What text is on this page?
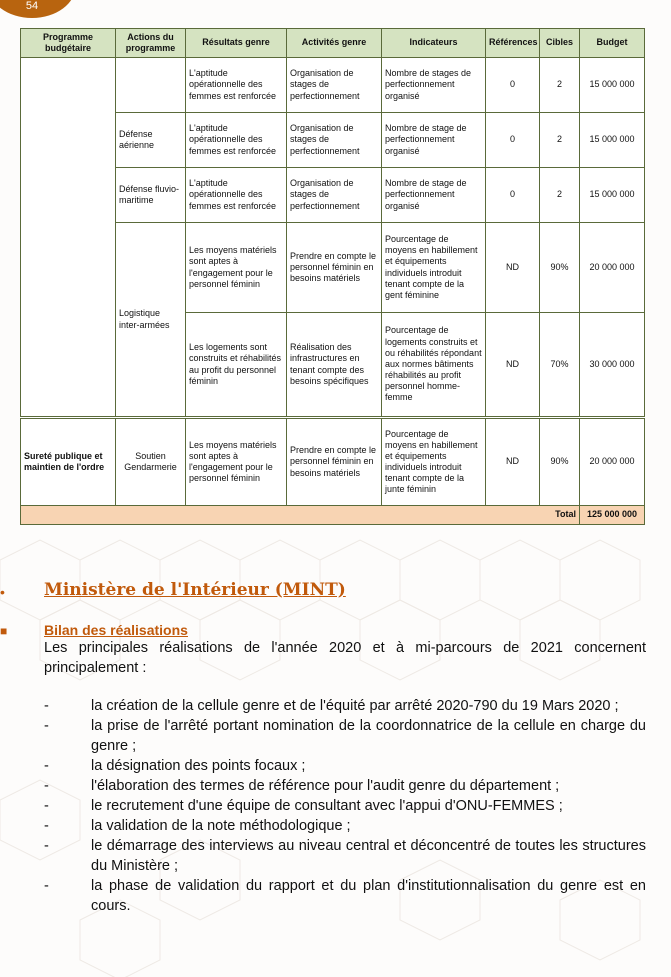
54
Programme budgétaire	Actions du programme	Résultats genre	Activités genre	Indicateurs	Références	Cibles	Budget
		L'aptitude opérationnelle des femmes est renforcée	Organisation de stages de perfectionnement	Nombre de stages de perfectionnement organisé	0	2	15 000 000
	Défense aérienne	L'aptitude opérationnelle des femmes est renforcée	Organisation de stages de perfectionnement	Nombre de stage de perfectionnement organisé	0	2	15 000 000
	Défense fluvio-maritime	L'aptitude opérationnelle des femmes est renforcée	Organisation de stages de perfectionnement	Nombre de stage de perfectionnement organisé	0	2	15 000 000
	Logistique inter-armées	Les moyens matériels sont aptes à l'engagement pour le personnel féminin	Prendre en compte le personnel féminin en besoins matériels	Pourcentage de moyens en habillement et équipements individuels introduit tenant compte de la gent féminine	ND	90%	20 000 000
		Les logements sont construits et réhabilités au profit du personnel féminin	Réalisation des infrastructures en tenant compte des besoins spécifiques	Pourcentage de logements construits et ou réhabilités répondant aux normes bâtiments réhabilités au profit personnel homme-femme	ND	70%	30 000 000
Sureté publique et maintien de l'ordre	Soutien Gendarmerie	Les moyens matériels sont aptes à l'engagement pour le personnel féminin	Prendre en compte le personnel féminin en besoins matériels	Pourcentage de moyens en habillement et équipements individuels introduit tenant compte de la junte féminin	ND	90%	20 000 000
Total							125 000 000
• Ministère de l'Intérieur (MINT)
■	Bilan des réalisations
Les principales réalisations de l'année 2020 et à mi-parcours de 2021 concernent principalement :
-	la création de la cellule genre et de l'équité par arrêté 2020-790 du 19 Mars 2020 ;
-	la prise de l'arrêté portant nomination de la coordonnatrice de la cellule en charge du genre ;
-	la désignation des points focaux ;
-	l'élaboration des termes de référence pour l'audit genre du département ;
-	le recrutement d'une équipe de consultant avec l'appui d'ONU-FEMMES ;
-	la validation de la note méthodologique ;
-	le démarrage des interviews au niveau central et déconcentré de toutes les structures du Ministère ;
-	la phase de validation du rapport et du plan d'institutionnalisation du genre est en cours.
